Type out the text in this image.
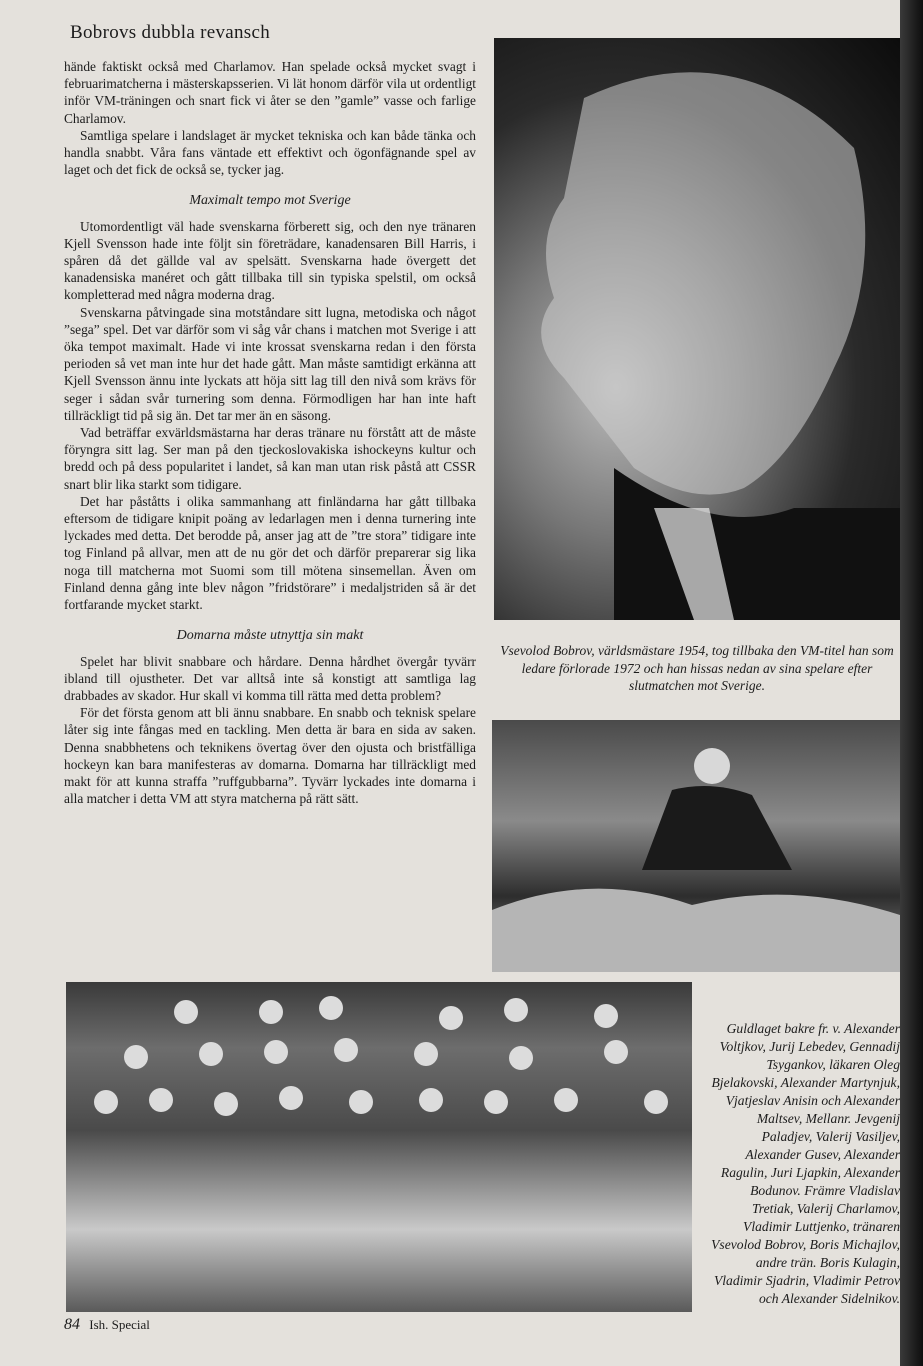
Bobrovs dubbla revansch

hände faktiskt också med Charlamov. Han spelade också mycket svagt i februarimatcherna i mästerskapsserien. Vi lät honom därför vila ut ordentligt inför VM-träningen och snart fick vi åter se den ”gamle” vasse och farlige Charlamov.

Samtliga spelare i landslaget är mycket tekniska och kan både tänka och handla snabbt. Våra fans väntade ett effektivt och ögonfägnande spel av laget och det fick de också se, tycker jag.

Maximalt tempo mot Sverige

Utomordentligt väl hade svenskarna förberett sig, och den nye tränaren Kjell Svensson hade inte följt sin företrädare, kanadensaren Bill Harris, i spåren då det gällde val av spelsätt. Svenskarna hade övergett det kanadensiska manéret och gått tillbaka till sin typiska spelstil, om också kompletterad med några moderna drag.

Svenskarna påtvingade sina motståndare sitt lugna, metodiska och något ”sega” spel. Det var därför som vi såg vår chans i matchen mot Sverige i att öka tempot maximalt. Hade vi inte krossat svenskarna redan i den första perioden så vet man inte hur det hade gått. Man måste samtidigt erkänna att Kjell Svensson ännu inte lyckats att höja sitt lag till den nivå som krävs för seger i sådan svår turnering som denna. Förmodligen har han inte haft tillräckligt tid på sig än. Det tar mer än en säsong.

Vad beträffar exvärldsmästarna har deras tränare nu förstått att de måste föryngra sitt lag. Ser man på den tjeckoslovakiska ishockeyns kultur och bredd och på dess popularitet i landet, så kan man utan risk påstå att CSSR snart blir lika starkt som tidigare.

Det har påståtts i olika sammanhang att finländarna har gått tillbaka eftersom de tidigare knipit poäng av ledarlagen men i denna turnering inte lyckades med detta. Det berodde på, anser jag att de ”tre stora” tidigare inte tog Finland på allvar, men att de nu gör det och därför preparerar sig lika noga till matcherna mot Suomi som till mötena sinsemellan. Även om Finland denna gång inte blev någon ”fridstörare” i medaljstriden så är det fortfarande mycket starkt.

Domarna måste utnyttja sin makt

Spelet har blivit snabbare och hårdare. Denna hårdhet övergår tyvärr ibland till ojustheter. Det var alltså inte så konstigt att samtliga lag drabbades av skador. Hur skall vi komma till rätta med detta problem?

För det första genom att bli ännu snabbare. En snabb och teknisk spelare låter sig inte fångas med en tackling. Men detta är bara en sida av saken. Denna snabbhetens och teknikens övertag över den ojusta och bristfälliga hockeyn kan bara manifesteras av domarna. Domarna har tillräckligt med makt för att kunna straffa ”ruffgubbarna”. Tyvärr lyckades inte domarna i alla matcher i detta VM att styra matcherna på rätt sätt.

Vsevolod Bobrov, världsmästare 1954, tog tillbaka den VM-titel han som ledare förlorade 1972 och han hissas nedan av sina spelare efter slutmatchen mot Sverige.
Guldlaget bakre fr. v. Alexander Voltjkov, Jurij Lebedev, Gennadij Tsygankov, läkaren Oleg Bjelakovski, Alexander Martynjuk, Vjatjeslav Anisin och Alexander Maltsev, Mellanr. Jevgenij Paladjev, Valerij Vasiljev, Alexander Gusev, Alexander Ragulin, Juri Ljapkin, Alexander Bodunov. Främre Vladislav Tretiak, Valerij Charlamov, Vladimir Luttjenko, tränaren Vsevolod Bobrov, Boris Michajlov, andre trän. Boris Kulagin, Vladimir Sjadrin, Vladimir Petrov och Alexander Sidelnikov.
84 Ish. Special
